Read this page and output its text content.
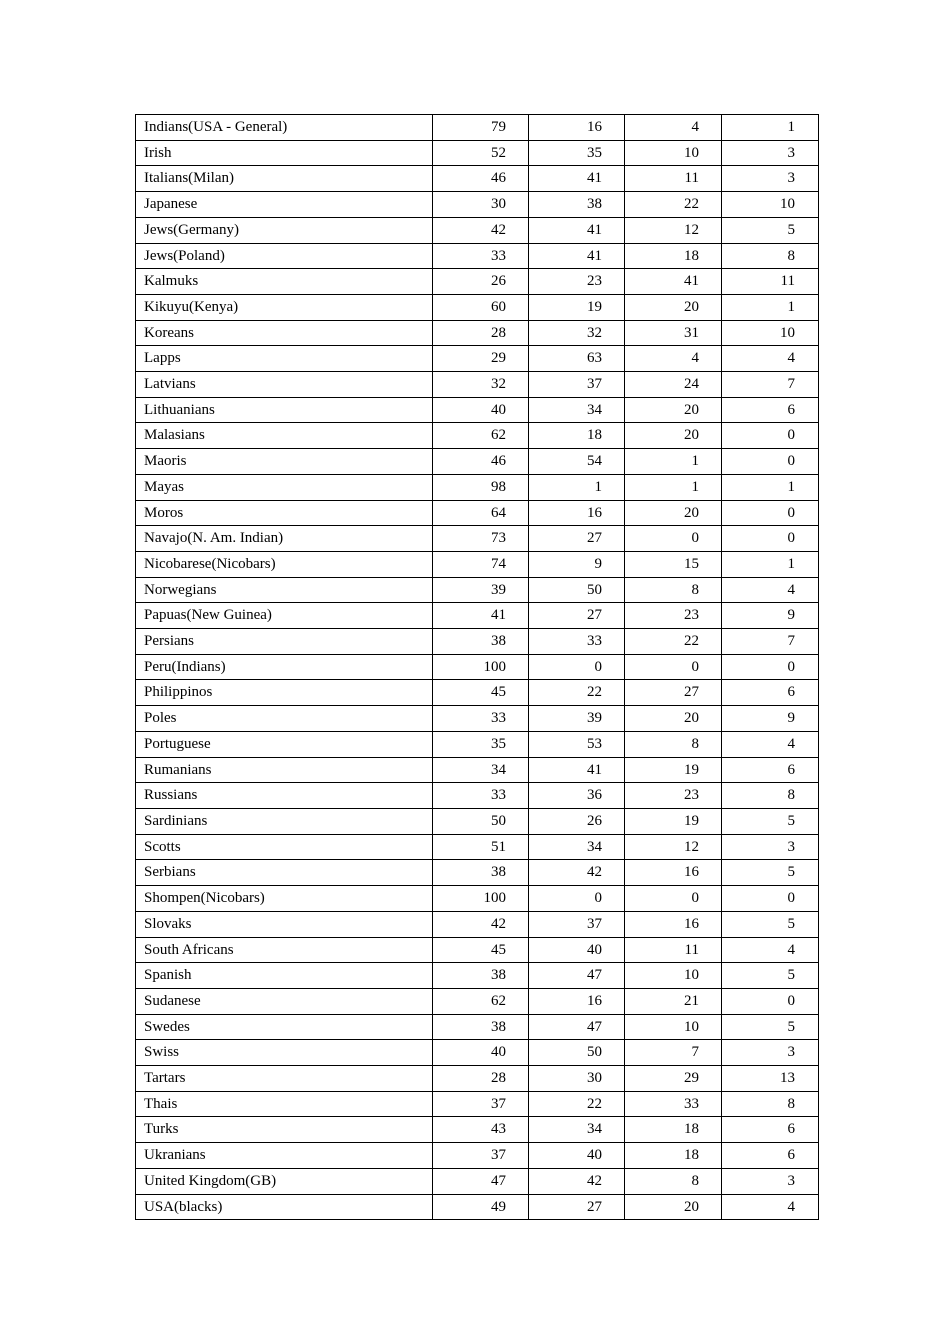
Indians(USA - General)	79	16	4	1
Irish	52	35	10	3
Italians(Milan)	46	41	11	3
Japanese	30	38	22	10
Jews(Germany)	42	41	12	5
Jews(Poland)	33	41	18	8
Kalmuks	26	23	41	11
Kikuyu(Kenya)	60	19	20	1
Koreans	28	32	31	10
Lapps	29	63	4	4
Latvians	32	37	24	7
Lithuanians	40	34	20	6
Malasians	62	18	20	0
Maoris	46	54	1	0
Mayas	98	1	1	1
Moros	64	16	20	0
Navajo(N. Am. Indian)	73	27	0	0
Nicobarese(Nicobars)	74	9	15	1
Norwegians	39	50	8	4
Papuas(New Guinea)	41	27	23	9
Persians	38	33	22	7
Peru(Indians)	100	0	0	0
Philippinos	45	22	27	6
Poles	33	39	20	9
Portuguese	35	53	8	4
Rumanians	34	41	19	6
Russians	33	36	23	8
Sardinians	50	26	19	5
Scotts	51	34	12	3
Serbians	38	42	16	5
Shompen(Nicobars)	100	0	0	0
Slovaks	42	37	16	5
South Africans	45	40	11	4
Spanish	38	47	10	5
Sudanese	62	16	21	0
Swedes	38	47	10	5
Swiss	40	50	7	3
Tartars	28	30	29	13
Thais	37	22	33	8
Turks	43	34	18	6
Ukranians	37	40	18	6
United Kingdom(GB)	47	42	8	3
USA(blacks)	49	27	20	4
